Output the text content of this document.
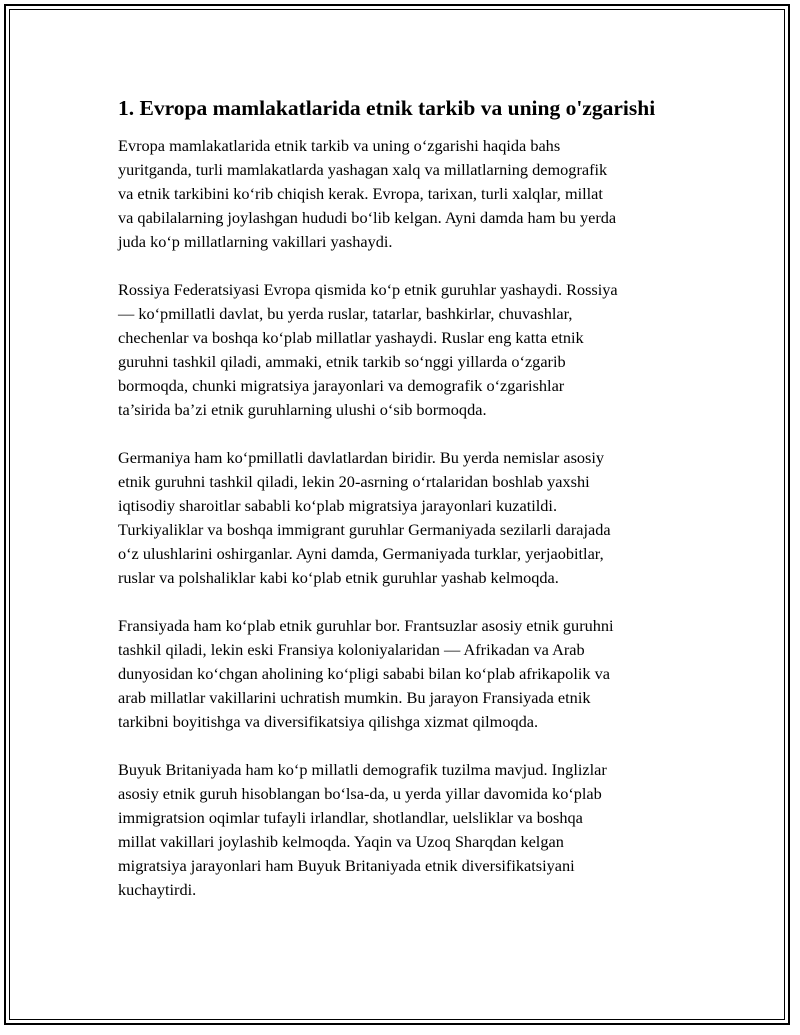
1. Evropa mamlakatlarida etnik tarkib va uning o'zgarishi

Evropa mamlakatlarida etnik tarkib va uning o‘zgarishi haqida bahs
yuritganda, turli mamlakatlarda yashagan xalq va millatlarning demografik
va etnik tarkibini ko‘rib chiqish kerak. Evropa, tarixan, turli xalqlar, millat
va qabilalarning joylashgan hududi bo‘lib kelgan. Ayni damda ham bu yerda
juda ko‘p millatlarning vakillari yashaydi.

Rossiya Federatsiyasi Evropa qismida ko‘p etnik guruhlar yashaydi. Rossiya
— ko‘pmillatli davlat, bu yerda ruslar, tatarlar, bashkirlar, chuvashlar,
chechenlar va boshqa ko‘plab millatlar yashaydi. Ruslar eng katta etnik
guruhni tashkil qiladi, ammaki, etnik tarkib so‘nggi yillarda o‘zgarib
bormoqda, chunki migratsiya jarayonlari va demografik o‘zgarishlar
ta’sirida ba’zi etnik guruhlarning ulushi o‘sib bormoqda.

Germaniya ham ko‘pmillatli davlatlardan biridir. Bu yerda nemislar asosiy
etnik guruhni tashkil qiladi, lekin 20-asrning o‘rtalaridan boshlab yaxshi
iqtisodiy sharoitlar sababli ko‘plab migratsiya jarayonlari kuzatildi.
Turkiyaliklar va boshqa immigrant guruhlar Germaniyada sezilarli darajada
o‘z ulushlarini oshirganlar. Ayni damda, Germaniyada turklar, yerjaobitlar,
ruslar va polshaliklar kabi ko‘plab etnik guruhlar yashab kelmoqda.

Fransiyada ham ko‘plab etnik guruhlar bor. Frantsuzlar asosiy etnik guruhni
tashkil qiladi, lekin eski Fransiya koloniyalaridan — Afrikadan va Arab
dunyosidan ko‘chgan aholining ko‘pligi sababi bilan ko‘plab afrikapolik va
arab millatlar vakillarini uchratish mumkin. Bu jarayon Fransiyada etnik
tarkibni boyitishga va diversifikatsiya qilishga xizmat qilmoqda.

Buyuk Britaniyada ham ko‘p millatli demografik tuzilma mavjud. Inglizlar
asosiy etnik guruh hisoblangan bo‘lsa-da, u yerda yillar davomida ko‘plab
immigratsion oqimlar tufayli irlandlar, shotlandlar, uelsliklar va boshqa
millat vakillari joylashib kelmoqda. Yaqin va Uzoq Sharqdan kelgan
migratsiya jarayonlari ham Buyuk Britaniyada etnik diversifikatsiyani
kuchaytirdi.
